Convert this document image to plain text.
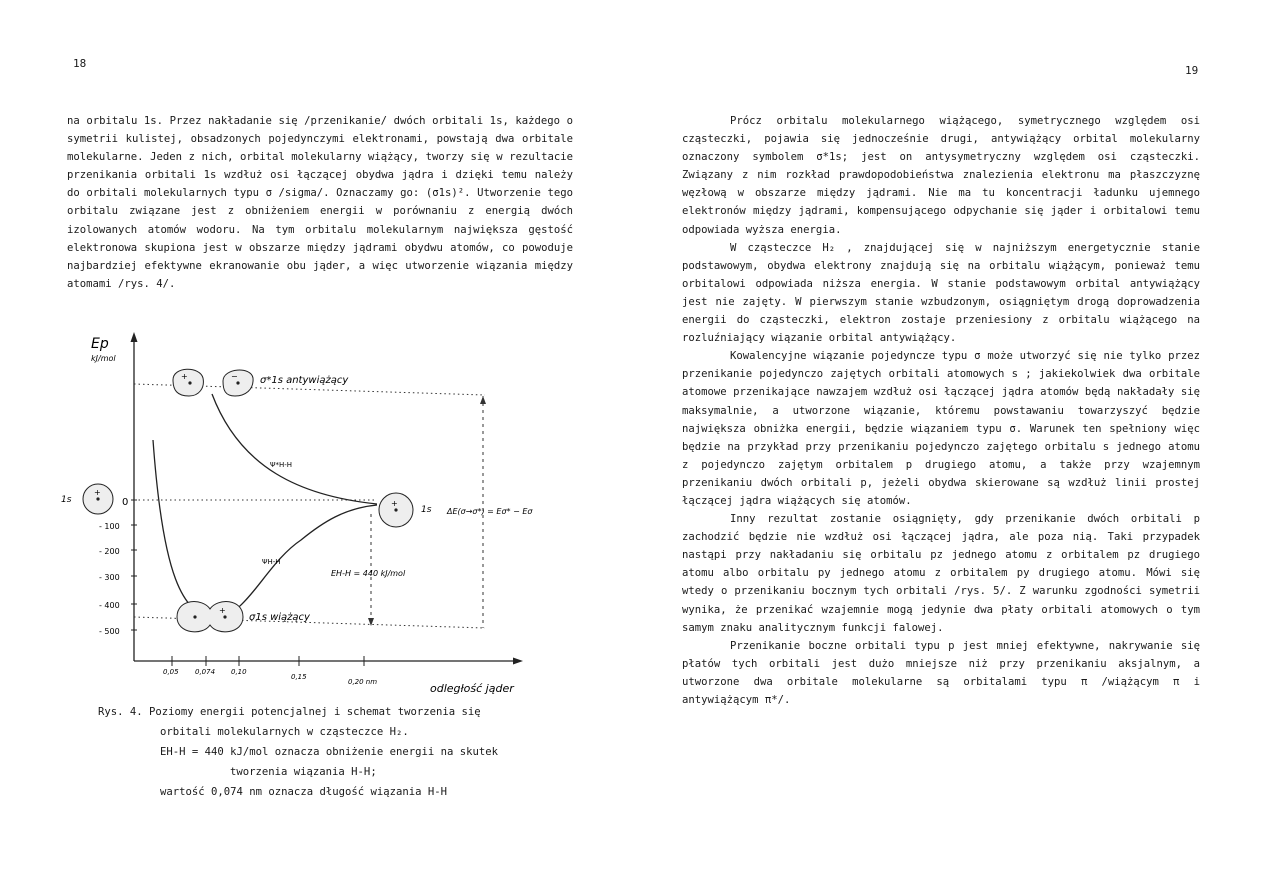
18

na orbitalu 1s. Przez nakładanie się /przenikanie/ dwóch orbitali 1s, każdego o symetrii kulistej, obsadzonych pojedynczymi elektronami, powstają dwa orbitale molekularne. Jeden z nich, orbital molekularny wiążący, tworzy się w rezultacie przenikania orbitali 1s wzdłuż osi łączącej obydwa jądra i dzięki temu należy do orbitali molekularnych typu σ /sigma/. Oznaczamy go: (σ1s)². Utworzenie tego orbitalu związane jest z obniżeniem energii w porównaniu z energią dwóch izolowanych atomów wodoru. Na tym orbitalu molekularnym największa gęstość elektronowa skupiona jest w obszarze między jądrami obydwu atomów, co powoduje najbardziej efektywne ekranowanie obu jąder, a więc utworzenie wiązania między atomami /rys. 4/.

Ep
kJ/mol
0
- 100
- 200
- 300
- 400
- 500
0,05 0,074 0,10
0,15
0,20 nm	odległość jąder
+	− σ*1s antywiążący
+
1s	+
1s
+
σ1s wiążący
Ψ*H-H
ΨH-H
EH-H = 440 kJ/mol
ΔE(σ→σ*) = Eσ* − Eσ
Rys. 4. Poziomy energii potencjalnej i schemat tworzenia się
orbitali molekularnych w cząsteczce H₂.
EH-H = 440 kJ/mol oznacza obniżenie energii na skutek
tworzenia wiązania H-H;
wartość 0,074 nm oznacza długość wiązania H-H
19

Prócz orbitalu molekularnego wiążącego, symetrycznego względem osi cząsteczki, pojawia się jednocześnie drugi, antywiążący orbital molekularny oznaczony symbolem σ*1s; jest on antysymetryczny względem osi cząsteczki. Związany z nim rozkład prawdopodobieństwa znalezienia elektronu ma płaszczyznę węzłową w obszarze między jądrami. Nie ma tu koncentracji ładunku ujemnego elektronów między jądrami, kompensującego odpychanie się jąder i orbitalowi temu odpowiada wyższa energia.

W cząsteczce H₂ , znajdującej się w najniższym energetycznie stanie podstawowym, obydwa elektrony znajdują się na orbitalu wiążącym, ponieważ temu orbitalowi odpowiada niższa energia. W stanie podstawowym orbital antywiążący jest nie zajęty. W pierwszym stanie wzbudzonym, osiągniętym drogą doprowadzenia energii do cząsteczki, elektron zostaje przeniesiony z orbitalu wiążącego na rozluźniający wiązanie orbital antywiążący.

Kowalencyjne wiązanie pojedyncze typu σ może utworzyć się nie tylko przez przenikanie pojedynczo zajętych orbitali atomowych s ; jakiekolwiek dwa orbitale atomowe przenikające nawzajem wzdłuż osi łączącej jądra atomów będą nakładały się maksymalnie, a utworzone wiązanie, któremu powstawaniu towarzyszyć będzie największa obniżka energii, będzie wiązaniem typu σ. Warunek ten spełniony więc będzie na przykład przy przenikaniu pojedynczo zajętego orbitalu s jednego atomu z pojedynczo zajętym orbitalem p drugiego atomu, a także przy wzajemnym przenikaniu dwóch orbitali p, jeżeli obydwa skierowane są wzdłuż linii prostej łączącej jądra wiążących się atomów.

Inny rezultat zostanie osiągnięty, gdy przenikanie dwóch orbitali p zachodzić będzie nie wzdłuż osi łączącej jądra, ale poza nią. Taki przypadek nastąpi przy nakładaniu się orbitalu pz jednego atomu z orbitalem pz drugiego atomu albo orbitalu py jednego atomu z orbitalem py drugiego atomu. Mówi się wtedy o przenikaniu bocznym tych orbitali /rys. 5/. Z warunku zgodności symetrii wynika, że przenikać wzajemnie mogą jedynie dwa płaty orbitali atomowych o tym samym znaku analitycznym funkcji falowej.

Przenikanie boczne orbitali typu p jest mniej efektywne, nakrywanie się płatów tych orbitali jest dużo mniejsze niż przy przenikaniu aksjalnym, a utworzone dwa orbitale molekularne są orbitalami typu π /wiążącym π i antywiążącym π*/.
